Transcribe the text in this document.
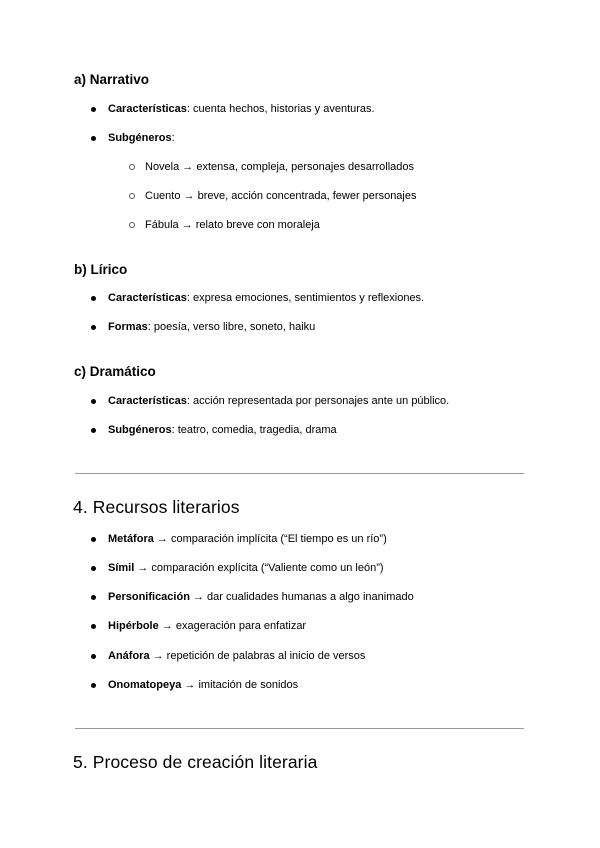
a) Narrativo
Características: cuenta hechos, historias y aventuras.
Subgéneros:
Novela → extensa, compleja, personajes desarrollados
Cuento → breve, acción concentrada, fewer personajes
Fábula → relato breve con moraleja
b) Lírico
Características: expresa emociones, sentimientos y reflexiones.
Formas: poesía, verso libre, soneto, haiku
c) Dramático
Características: acción representada por personajes ante un público.
Subgéneros: teatro, comedia, tragedia, drama
4. Recursos literarios
Metáfora → comparación implícita (“El tiempo es un río”)
Símil → comparación explícita (“Valiente como un león”)
Personificación → dar cualidades humanas a algo inanimado
Hipérbole → exageración para enfatizar
Anáfora → repetición de palabras al inicio de versos
Onomatopeya → imitación de sonidos
5. Proceso de creación literaria
